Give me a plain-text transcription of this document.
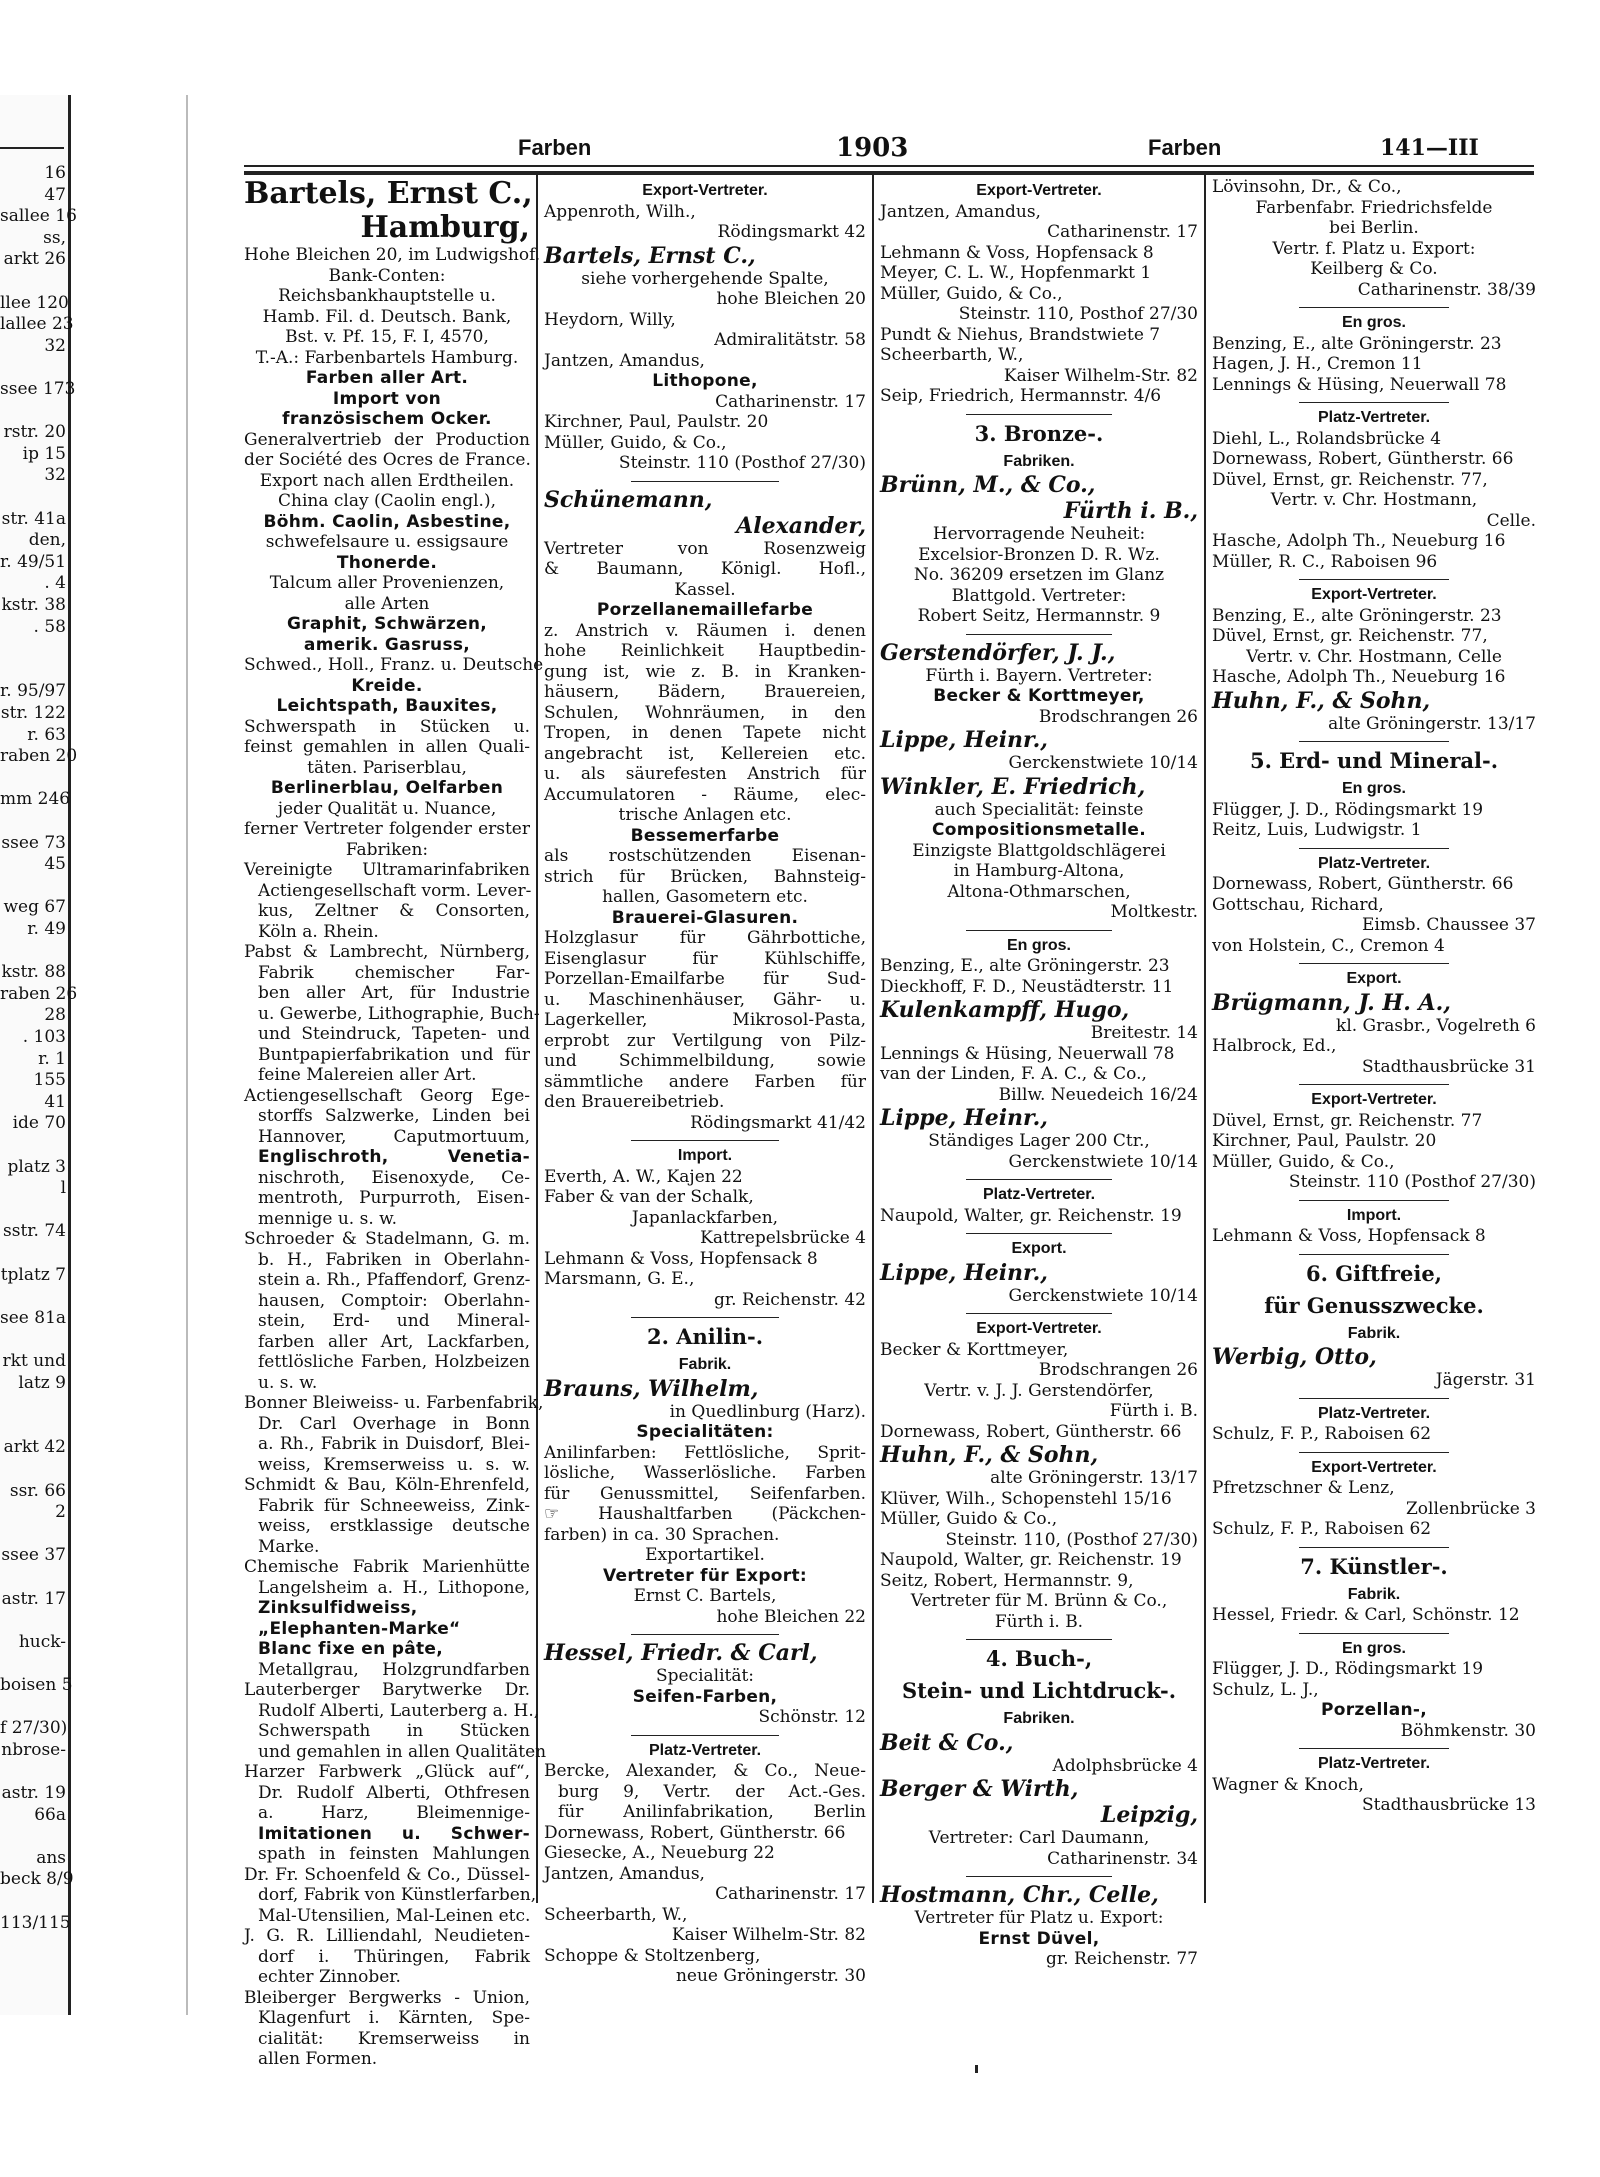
16
47
sallee 16
ss,
arkt 26
llee 120
lallee 23
32
ssee 173
rstr. 20
ip 15
32
str. 41a
den,
r. 49/51
. 4
kstr. 38
. 58
r. 95/97
str. 122
r. 63
raben 20
mm 246
ssee 73
45
weg 67
r. 49
kstr. 88
raben 26
28
. 103
r. 1
155
41
ide 70
platz 3
l
sstr. 74
tplatz 7
see 81a
rkt und
latz 9
arkt 42
ssr. 66
2
ssee 37
astr. 17
huck-
boisen 5
f 27/30)
nbrose-
astr. 19
66a
ans
beck 8/9
113/115
Farben	1903	Farben	141—III
Bartels, Ernst C.,
Hamburg,
Hohe Bleichen 20, im Ludwigshof.
Bank-Conten:
Reichsbankhauptstelle u.
Hamb. Fil. d. Deutsch. Bank,
Bst. v. Pf. 15, F. I, 4570,
T.-A.: Farbenbartels Hamburg.
Farben aller Art.
Import von
französischem Ocker.
Generalvertrieb der Production
der Société des Ocres de France.
Export nach allen Erdtheilen.
China clay (Caolin engl.),
Böhm. Caolin, Asbestine,
schwefelsaure u. essigsaure
Thonerde.
Talcum aller Provenienzen,
alle Arten
Graphit, Schwärzen,
amerik. Gasruss,
Schwed., Holl., Franz. u. Deutsche
Kreide.
Leichtspath, Bauxites,
Schwerspath in Stücken u.
feinst gemahlen in allen Quali-
täten. Pariserblau,
Berlinerblau, Oelfarben
jeder Qualität u. Nuance,
ferner Vertreter folgender erster
Fabriken:
Vereinigte Ultramarinfabriken
Actiengesellschaft vorm. Lever-
kus, Zeltner & Consorten,
Köln a. Rhein.
Pabst & Lambrecht, Nürnberg,
Fabrik chemischer Far-
ben aller Art, für Industrie
u. Gewerbe, Lithographie, Buch-
und Steindruck, Tapeten- und
Buntpapierfabrikation und für
feine Malereien aller Art.
Actiengesellschaft Georg Ege-
storffs Salzwerke, Linden bei
Hannover, Caputmortuum,
Englischroth, Venetia-
nischroth, Eisenoxyde, Ce-
mentroth, Purpurroth, Eisen-
mennige u. s. w.
Schroeder & Stadelmann, G. m.
b. H., Fabriken in Oberlahn-
stein a. Rh., Pfaffendorf, Grenz-
hausen, Comptoir: Oberlahn-
stein, Erd- und Mineral-
farben aller Art, Lackfarben,
fettlösliche Farben, Holzbeizen
u. s. w.
Bonner Bleiweiss- u. Farbenfabrik,
Dr. Carl Overhage in Bonn
a. Rh., Fabrik in Duisdorf, Blei-
weiss, Kremserweiss u. s. w.
Schmidt & Bau, Köln-Ehrenfeld,
Fabrik für Schneeweiss, Zink-
weiss, erstklassige deutsche
Marke.
Chemische Fabrik Marienhütte
Langelsheim a. H., Lithopone,
Zinksulfidweiss,
„Elephanten-Marke“
Blanc fixe en pâte,
Metallgrau, Holzgrundfarben
Lauterberger Barytwerke Dr.
Rudolf Alberti, Lauterberg a. H.,
Schwerspath in Stücken
und gemahlen in allen Qualitäten
Harzer Farbwerk „Glück auf“,
Dr. Rudolf Alberti, Othfresen
a. Harz, Bleimennige-
Imitationen u. Schwer-
spath in feinsten Mahlungen
Dr. Fr. Schoenfeld & Co., Düssel-
dorf, Fabrik von Künstlerfarben,
Mal-Utensilien, Mal-Leinen etc.
J. G. R. Lilliendahl, Neudieten-
dorf i. Thüringen, Fabrik
echter Zinnober.
Bleiberger Bergwerks - Union,
Klagenfurt i. Kärnten, Spe-
cialität: Kremserweiss in
allen Formen.
Export-Vertreter.
Appenroth, Wilh.,
Rödingsmarkt 42
Bartels, Ernst C.,
siehe vorhergehende Spalte,
hohe Bleichen 20
Heydorn, Willy,
Admiralitätstr. 58
Jantzen, Amandus,
Lithopone,
Catharinenstr. 17
Kirchner, Paul, Paulstr. 20
Müller, Guido, & Co.,
Steinstr. 110 (Posthof 27/30)
Schünemann,
Alexander,
Vertreter von Rosenzweig
& Baumann, Königl. Hofl.,
Kassel.
Porzellanemaillefarbe
z. Anstrich v. Räumen i. denen
hohe Reinlichkeit Hauptbedin-
gung ist, wie z. B. in Kranken-
häusern, Bädern, Brauereien,
Schulen, Wohnräumen, in den
Tropen, in denen Tapete nicht
angebracht ist, Kellereien etc.
u. als säurefesten Anstrich für
Accumulatoren - Räume, elec-
trische Anlagen etc.
Bessemerfarbe
als rostschützenden Eisenan-
strich für Brücken, Bahnsteig-
hallen, Gasometern etc.
Brauerei-Glasuren.
Holzglasur für Gährbottiche,
Eisenglasur für Kühlschiffe,
Porzellan-Emailfarbe für Sud-
u. Maschinenhäuser, Gähr- u.
Lagerkeller, Mikrosol-Pasta,
erprobt zur Vertilgung von Pilz-
und Schimmelbildung, sowie
sämmtliche andere Farben für
den Brauereibetrieb.
Rödingsmarkt 41/42
Import.
Everth, A. W., Kajen 22
Faber & van der Schalk,
Japanlackfarben,
Kattrepelsbrücke 4
Lehmann & Voss, Hopfensack 8
Marsmann, G. E.,
gr. Reichenstr. 42
2. Anilin-.
Fabrik.
Brauns, Wilhelm,
in Quedlinburg (Harz).
Specialitäten:
Anilinfarben: Fettlösliche, Sprit-
lösliche, Wasserlösliche. Farben
für Genussmittel, Seifenfarben.
☞ Haushaltfarben (Päckchen-
farben) in ca. 30 Sprachen.
Exportartikel.
Vertreter für Export:
Ernst C. Bartels,
hohe Bleichen 22
Hessel, Friedr. & Carl,
Specialität:
Seifen-Farben,
Schönstr. 12
Platz-Vertreter.
Bercke, Alexander, & Co., Neue-
burg 9, Vertr. der Act.-Ges.
für Anilinfabrikation, Berlin
Dornewass, Robert, Güntherstr. 66
Giesecke, A., Neueburg 22
Jantzen, Amandus,
Catharinenstr. 17
Scheerbarth, W.,
Kaiser Wilhelm-Str. 82
Schoppe & Stoltzenberg,
neue Gröningerstr. 30
Export-Vertreter.
Jantzen, Amandus,
Catharinenstr. 17
Lehmann & Voss, Hopfensack 8
Meyer, C. L. W., Hopfenmarkt 1
Müller, Guido, & Co.,
Steinstr. 110, Posthof 27/30
Pundt & Niehus, Brandstwiete 7
Scheerbarth, W.,
Kaiser Wilhelm-Str. 82
Seip, Friedrich, Hermannstr. 4/6
3. Bronze-.
Fabriken.
Brünn, M., & Co.,
Fürth i. B.,
Hervorragende Neuheit:
Excelsior-Bronzen D. R. Wz.
No. 36209 ersetzen im Glanz
Blattgold. Vertreter:
Robert Seitz, Hermannstr. 9
Gerstendörfer, J. J.,
Fürth i. Bayern. Vertreter:
Becker & Korttmeyer,
Brodschrangen 26
Lippe, Heinr.,
Gerckenstwiete 10/14
Winkler, E. Friedrich,
auch Specialität: feinste
Compositionsmetalle.
Einzigste Blattgoldschlägerei
in Hamburg-Altona,
Altona-Othmarschen,
Moltkestr.
En gros.
Benzing, E., alte Gröningerstr. 23
Dieckhoff, F. D., Neustädterstr. 11
Kulenkampff, Hugo,
Breitestr. 14
Lennings & Hüsing, Neuerwall 78
van der Linden, F. A. C., & Co.,
Billw. Neuedeich 16/24
Lippe, Heinr.,
Ständiges Lager 200 Ctr.,
Gerckenstwiete 10/14
Platz-Vertreter.
Naupold, Walter, gr. Reichenstr. 19
Export.
Lippe, Heinr.,
Gerckenstwiete 10/14
Export-Vertreter.
Becker & Korttmeyer,
Brodschrangen 26
Vertr. v. J. J. Gerstendörfer,
Fürth i. B.
Dornewass, Robert, Güntherstr. 66
Huhn, F., & Sohn,
alte Gröningerstr. 13/17
Klüver, Wilh., Schopenstehl 15/16
Müller, Guido & Co.,
Steinstr. 110, (Posthof 27/30)
Naupold, Walter, gr. Reichenstr. 19
Seitz, Robert, Hermannstr. 9,
Vertreter für M. Brünn & Co.,
Fürth i. B.
4. Buch-,
Stein- und Lichtdruck-.
Fabriken.
Beit & Co.,
Adolphsbrücke 4
Berger & Wirth,
Leipzig,
Vertreter: Carl Daumann,
Catharinenstr. 34
Hostmann, Chr., Celle,
Vertreter für Platz u. Export:
Ernst Düvel,
gr. Reichenstr. 77
Lövinsohn, Dr., & Co.,
Farbenfabr. Friedrichsfelde
bei Berlin.
Vertr. f. Platz u. Export:
Keilberg & Co.
Catharinenstr. 38/39
En gros.
Benzing, E., alte Gröningerstr. 23
Hagen, J. H., Cremon 11
Lennings & Hüsing, Neuerwall 78
Platz-Vertreter.
Diehl, L., Rolandsbrücke 4
Dornewass, Robert, Güntherstr. 66
Düvel, Ernst, gr. Reichenstr. 77,
Vertr. v. Chr. Hostmann,
Celle.
Hasche, Adolph Th., Neueburg 16
Müller, R. C., Raboisen 96
Export-Vertreter.
Benzing, E., alte Gröningerstr. 23
Düvel, Ernst, gr. Reichenstr. 77,
Vertr. v. Chr. Hostmann, Celle
Hasche, Adolph Th., Neueburg 16
Huhn, F., & Sohn,
alte Gröningerstr. 13/17
5. Erd- und Mineral-.
En gros.
Flügger, J. D., Rödingsmarkt 19
Reitz, Luis, Ludwigstr. 1
Platz-Vertreter.
Dornewass, Robert, Güntherstr. 66
Gottschau, Richard,
Eimsb. Chaussee 37
von Holstein, C., Cremon 4
Export.
Brügmann, J. H. A.,
kl. Grasbr., Vogelreth 6
Halbrock, Ed.,
Stadthausbrücke 31
Export-Vertreter.
Düvel, Ernst, gr. Reichenstr. 77
Kirchner, Paul, Paulstr. 20
Müller, Guido, & Co.,
Steinstr. 110 (Posthof 27/30)
Import.
Lehmann & Voss, Hopfensack 8
6. Giftfreie,
für Genusszwecke.
Fabrik.
Werbig, Otto,
Jägerstr. 31
Platz-Vertreter.
Schulz, F. P., Raboisen 62
Export-Vertreter.
Pfretzschner & Lenz,
Zollenbrücke 3
Schulz, F. P., Raboisen 62
7. Künstler-.
Fabrik.
Hessel, Friedr. & Carl, Schönstr. 12
En gros.
Flügger, J. D., Rödingsmarkt 19
Schulz, L. J.,
Porzellan-,
Böhmkenstr. 30
Platz-Vertreter.
Wagner & Knoch,
Stadthausbrücke 13
